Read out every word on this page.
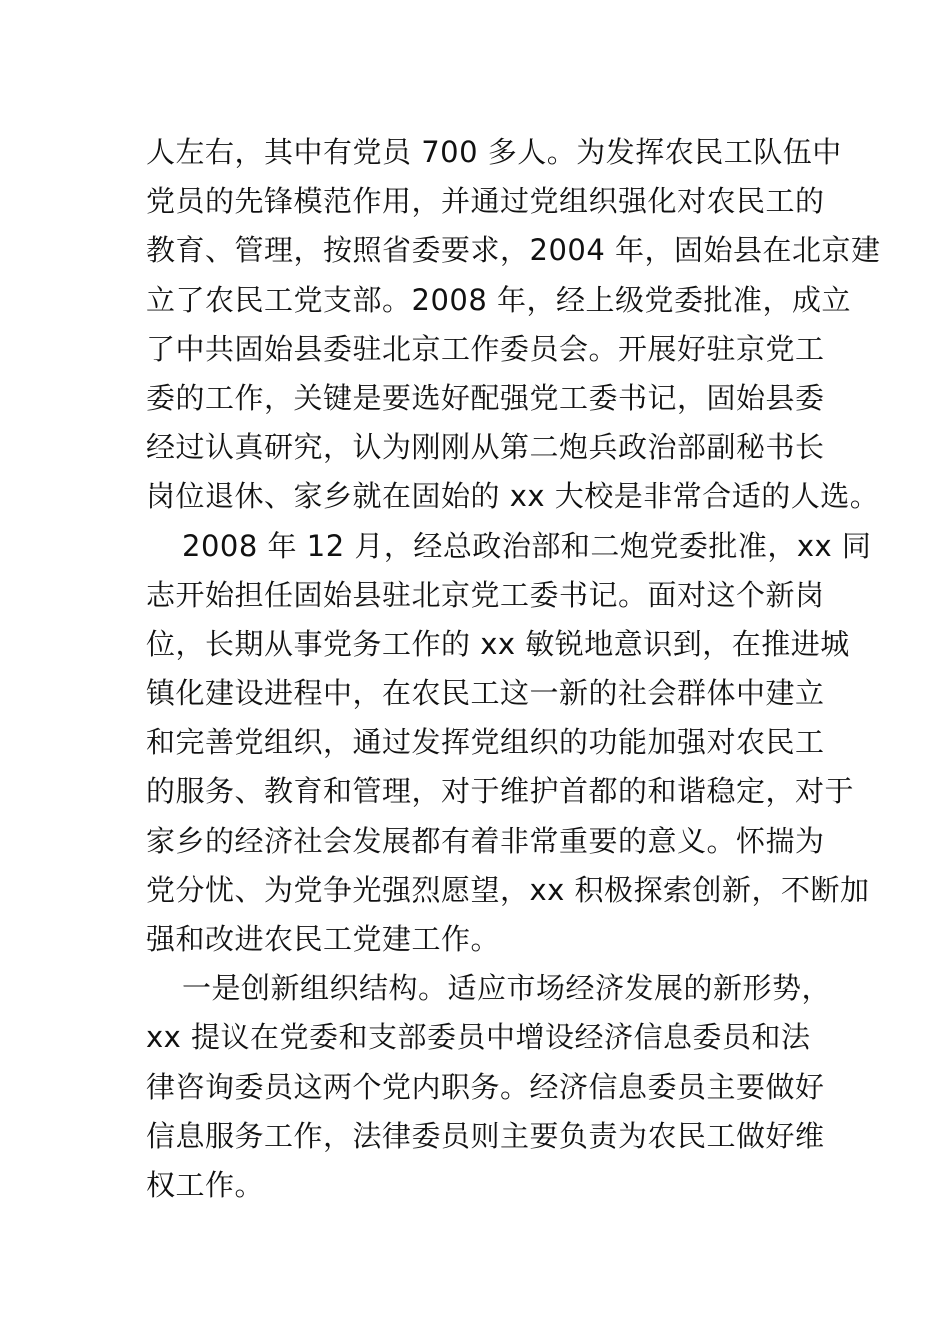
人左右，其中有党员 700 多人。为发挥农民工队伍中
党员的先锋模范作用，并通过党组织强化对农民工的
教育、管理，按照省委要求，2004 年，固始县在北京建
立了农民工党支部。2008 年，经上级党委批准，成立
了中共固始县委驻北京工作委员会。开展好驻京党工
委的工作，关键是要选好配强党工委书记，固始县委
经过认真研究，认为刚刚从第二炮兵政治部副秘书长
岗位退休、家乡就在固始的 xx 大校是非常合适的人选。
2008 年 12 月，经总政治部和二炮党委批准，xx 同
志开始担任固始县驻北京党工委书记。面对这个新岗
位，长期从事党务工作的 xx 敏锐地意识到，在推进城
镇化建设进程中，在农民工这一新的社会群体中建立
和完善党组织，通过发挥党组织的功能加强对农民工
的服务、教育和管理，对于维护首都的和谐稳定，对于
家乡的经济社会发展都有着非常重要的意义。怀揣为
党分忧、为党争光强烈愿望，xx 积极探索创新，不断加
强和改进农民工党建工作。
一是创新组织结构。适应市场经济发展的新形势，
xx 提议在党委和支部委员中增设经济信息委员和法
律咨询委员这两个党内职务。经济信息委员主要做好
信息服务工作，法律委员则主要负责为农民工做好维
权工作。
